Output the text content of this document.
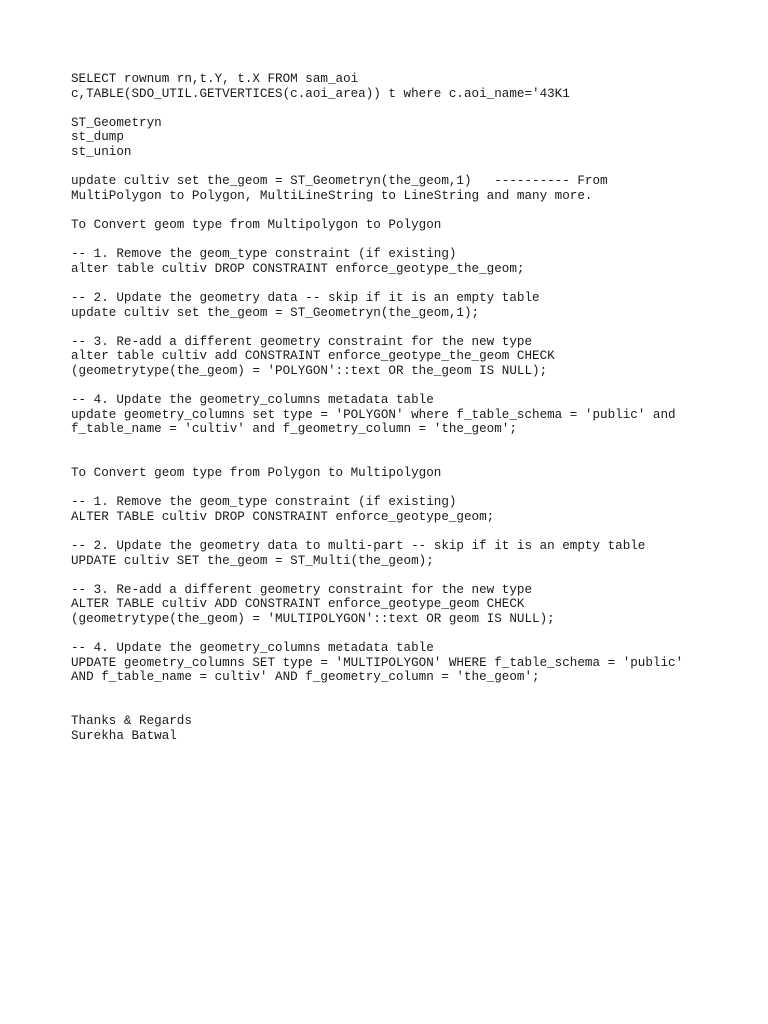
SELECT rownum rn,t.Y, t.X FROM sam_aoi
c,TABLE(SDO_UTIL.GETVERTICES(c.aoi_area)) t where c.aoi_name='43K1
ST_Geometryn
st_dump
st_union
update cultiv set the_geom = ST_Geometryn(the_geom,1)   ---------- From
MultiPolygon to Polygon, MultiLineString to LineString and many more.
To Convert geom type from Multipolygon to Polygon
-- 1. Remove the geom_type constraint (if existing)
alter table cultiv DROP CONSTRAINT enforce_geotype_the_geom;
-- 2. Update the geometry data -- skip if it is an empty table
update cultiv set the_geom = ST_Geometryn(the_geom,1);
-- 3. Re-add a different geometry constraint for the new type
alter table cultiv add CONSTRAINT enforce_geotype_the_geom CHECK
(geometrytype(the_geom) = 'POLYGON'::text OR the_geom IS NULL);
-- 4. Update the geometry_columns metadata table
update geometry_columns set type = 'POLYGON' where f_table_schema = 'public' and
f_table_name = 'cultiv' and f_geometry_column = 'the_geom';
To Convert geom type from Polygon to Multipolygon
-- 1. Remove the geom_type constraint (if existing)
ALTER TABLE cultiv DROP CONSTRAINT enforce_geotype_geom;
-- 2. Update the geometry data to multi-part -- skip if it is an empty table
UPDATE cultiv SET the_geom = ST_Multi(the_geom);
-- 3. Re-add a different geometry constraint for the new type
ALTER TABLE cultiv ADD CONSTRAINT enforce_geotype_geom CHECK
(geometrytype(the_geom) = 'MULTIPOLYGON'::text OR geom IS NULL);
-- 4. Update the geometry_columns metadata table
UPDATE geometry_columns SET type = 'MULTIPOLYGON' WHERE f_table_schema = 'public'
AND f_table_name = cultiv' AND f_geometry_column = 'the_geom';
Thanks & Regards
Surekha Batwal
